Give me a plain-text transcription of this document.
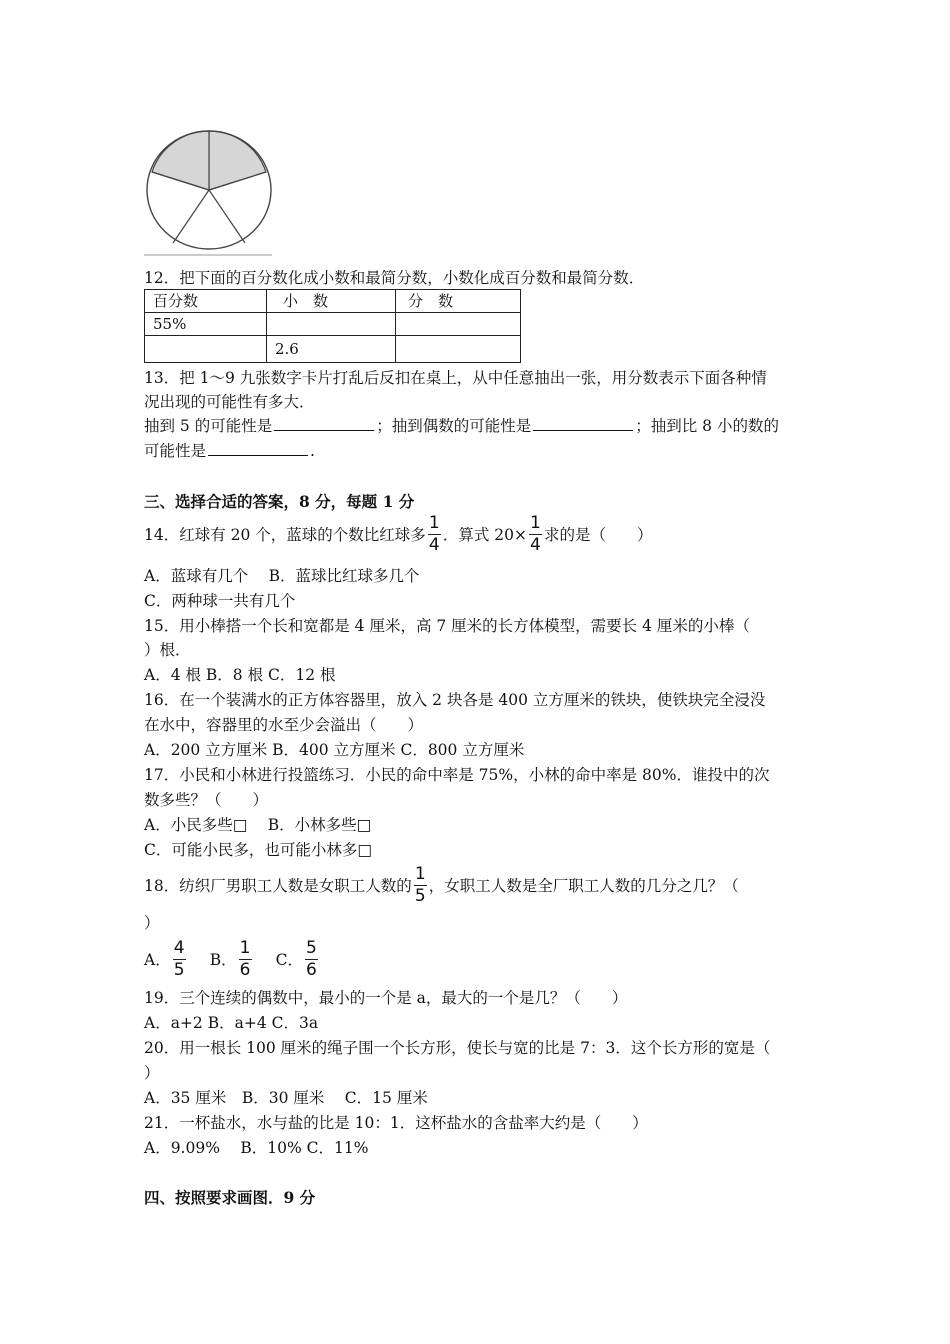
12．把下面的百分数化成小数和最简分数，小数化成百分数和最简分数．
百分数	小　数	分　数
55%		
	2.6	
13．把 1～9 九张数字卡片打乱后反扣在桌上，从中任意抽出一张，用分数表示下面各种情
况出现的可能性有多大．
抽到 5 的可能性是	；抽到偶数的可能性是	；抽到比 8 小的数的
可能性是	.
三、选择合适的答案，8 分，每题 1 分
14．红球有 20 个，蓝球的个数比红球多 $\frac{1}{4}$ ．算式 $20\times \frac{1}{4}$ 求的是（　　）
A．蓝球有几个　 B．蓝球比红球多几个
C．两种球一共有几个
15．用小棒搭一个长和宽都是 4 厘米，高 7 厘米的长方体模型，需要长 4 厘米的小棒（
）根．
A．4 根 B．8 根 C．12 根
16．在一个装满水的正方体容器里，放入 2 块各是 400 立方厘米的铁块，使铁块完全浸没
在水中，容器里的水至少会溢出（　　）
A．200 立方厘米 B．400 立方厘米 C．800 立方厘米
17．小民和小林进行投篮练习．小民的命中率是 75%，小林的命中率是 80%．谁投中的次
数多些？（　　）
A．小民多些□　 B．小林多些□
C．可能小民多，也可能小林多□
18．纺织厂男职工人数是女职工人数的 $\frac{1}{5}$ ，女职工人数是全厂职工人数的几分之几？（
）
A． $\frac{4}{5}$ B． $\frac{1}{6}$ C． $\frac{5}{6}$
19．三个连续的偶数中，最小的一个是 a，最大的一个是几？（　　）
A．a+2 B．a+4 C．3a
20．用一根长 100 厘米的绳子围一个长方形，使长与宽的比是 7：3．这个长方形的宽是（
）
A．35 厘米　B．30 厘米　 C．15 厘米
21．一杯盐水，水与盐的比是 10：1．这杯盐水的含盐率大约是（　　）
A．9.09%　 B．10% C．11%
四、按照要求画图．9 分
